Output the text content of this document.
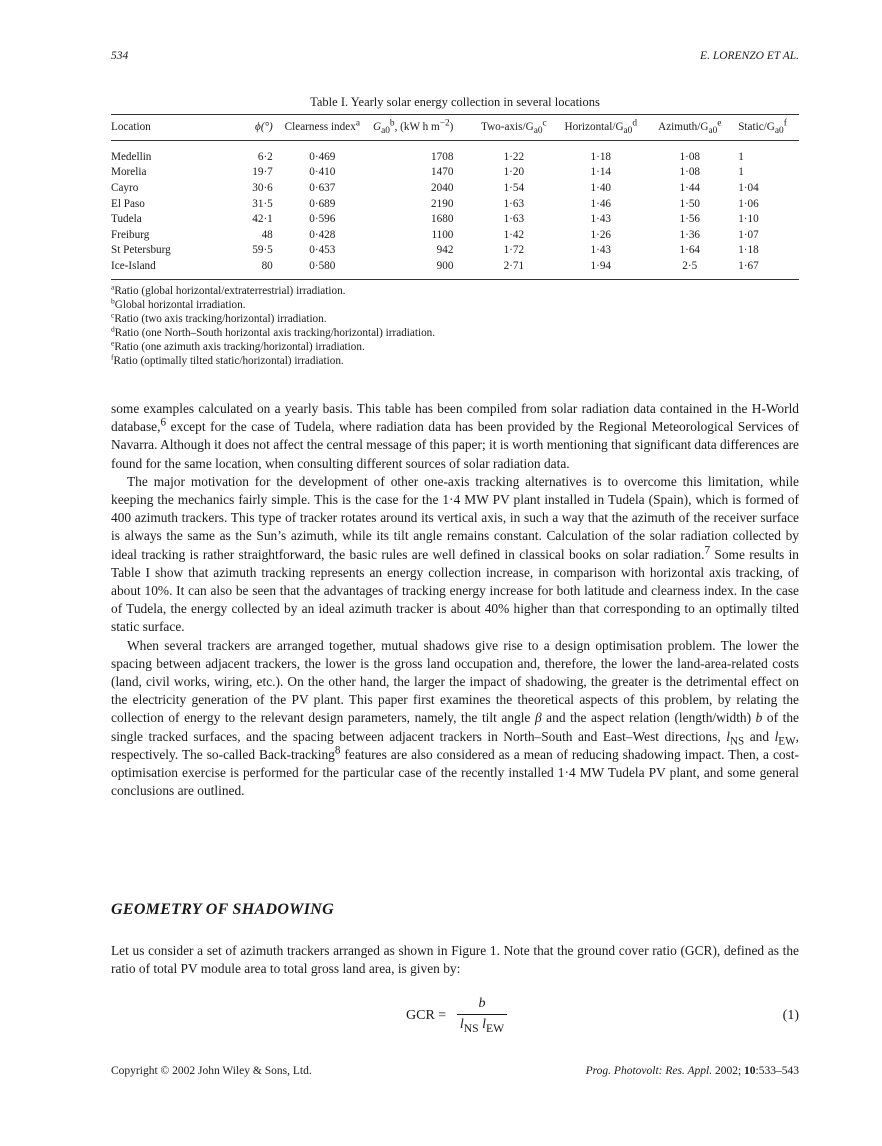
534	E. LORENZO ET AL.
Table I. Yearly solar energy collection in several locations
Location	ϕ(°)	Clearness index$^a$	$G_{a0}^b$, (kW h $m^{-2}$)	Two-$axis/G_{a0}^c$	Horizontal/$G_{a0}^d$	Azimuth/$G_{a0}^e$	Static/$G_{a0}^f$
Medellin	6·2	0·469	1708	1·22	1·18	1·08	1
Morelia	19·7	0·410	1470	1·20	1·14	1·08	1
Cayro	30·6	0·637	2040	1·54	1·40	1·44	1·04
El Paso	31·5	0·689	2190	1·63	1·46	1·50	1·06
Tudela	42·1	0·596	1680	1·63	1·43	1·56	1·10
Freiburg	48	0·428	1100	1·42	1·26	1·36	1·07
St Petersburg	59·5	0·453	942	1·72	1·43	1·64	1·18
Ice-Island	80	0·580	900	2·71	1·94	2·5	1·67
$^a$Ratio (global horizontal/extraterrestrial) irradiation.
$^b$Global horizontal irradiation.
$^c$Ratio (two axis tracking/horizontal) irradiation.
$^d$Ratio (one North–South horizontal axis tracking/horizontal) irradiation.
$^e$Ratio (one azimuth axis tracking/horizontal) irradiation.
$^f$Ratio (optimally tilted static/horizontal) irradiation.

some examples calculated on a yearly basis. This table has been compiled from solar radiation data contained in the H-World database,$^6$ except for the case of Tudela, where radiation data has been provided by the Regional Meteorological Services of Navarra. Although it does not affect the central message of this paper; it is worth mentioning that significant data differences are found for the same location, when consulting different sources of solar radiation data.

The major motivation for the development of other one-axis tracking alternatives is to overcome this limitation, while keeping the mechanics fairly simple. This is the case for the 1·4 MW PV plant installed in Tudela (Spain), which is formed of 400 azimuth trackers. This type of tracker rotates around its vertical axis, in such a way that the azimuth of the receiver surface is always the same as the Sun’s azimuth, while its tilt angle remains constant. Calculation of the solar radiation collected by ideal tracking is rather straightforward, the basic rules are well defined in classical books on solar radiation.$^7$ Some results in Table I show that azimuth tracking represents an energy collection increase, in comparison with horizontal axis tracking, of about 10%. It can also be seen that the advantages of tracking energy increase for both latitude and clearness index. In the case of Tudela, the energy collected by an ideal azimuth tracker is about 40% higher than that corresponding to an optimally tilted static surface.

When several trackers are arranged together, mutual shadows give rise to a design optimisation problem. The lower the spacing between adjacent trackers, the lower is the gross land occupation and, therefore, the lower the land-area-related costs (land, civil works, wiring, etc.). On the other hand, the larger the impact of shadowing, the greater is the detrimental effect on the electricity generation of the PV plant. This paper first examines the theoretical aspects of this problem, by relating the collection of energy to the relevant design parameters, namely, the tilt angle β and the aspect relation (length/width) b of the single tracked surfaces, and the spacing between adjacent trackers in North–South and East–West directions, $l_{NS}$ and $l_{EW}$, respectively. The so-called Back-tracking$^8$ features are also considered as a mean of reducing shadowing impact. Then, a cost-optimisation exercise is performed for the particular case of the recently installed 1·4 MW Tudela PV plant, and some general conclusions are outlined.

GEOMETRY OF SHADOWING

Let us consider a set of azimuth trackers arranged as shown in Figure 1. Note that the ground cover ratio (GCR), defined as the ratio of total PV module area to total gross land area, is given by:

GCR =
b
$l_{NS}$ $l_{EW}$
(1)
Copyright © 2002 John Wiley & Sons, Ltd.	Prog. Photovolt: Res. Appl. 2002; 10:533–543
